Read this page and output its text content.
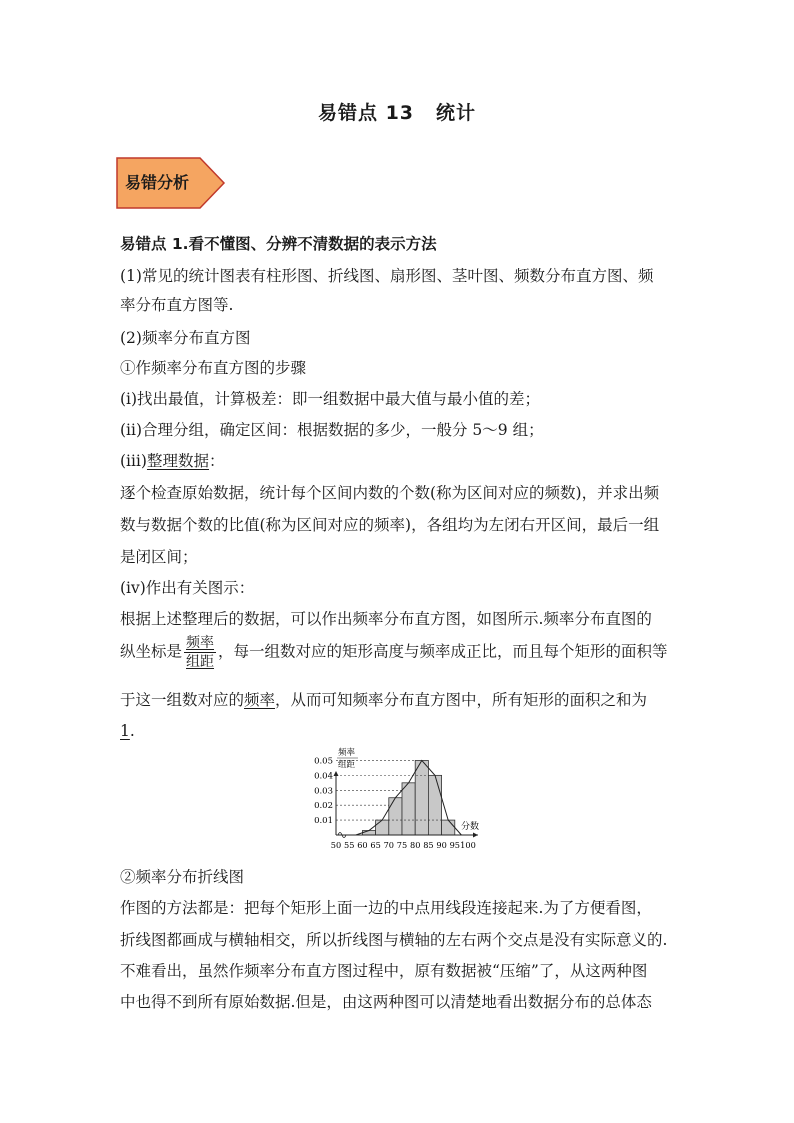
易错点 13 统计
易错分析
易错点 1.看不懂图、分辨不清数据的表示方法
(1)常见的统计图表有柱形图、折线图、扇形图、茎叶图、频数分布直方图、频
率分布直方图等.
(2)频率分布直方图
①作频率分布直方图的步骤
(ⅰ)找出最值，计算极差：即一组数据中最大值与最小值的差；
(ⅱ)合理分组，确定区间：根据数据的多少，一般分 5～9 组；
(ⅲ)整理数据：
逐个检查原始数据，统计每个区间内数的个数(称为区间对应的频数)，并求出频
数与数据个数的比值(称为区间对应的频率)，各组均为左闭右开区间，最后一组
是闭区间；
(ⅳ)作出有关图示：
根据上述整理后的数据，可以作出频率分布直方图，如图所示.频率分布直图的
纵坐标是 $\frac{\text{频率}}{\text{组距}}$ ，每一组数对应的矩形高度与频率成正比，而且每个矩形的面积等
于这一组数对应的频率，从而可知频率分布直方图中，所有矩形的面积之和为
1.
0.01
0.02
0.03
0.04
0.05
50 55 60 65 70 75 80 85 90 95 100
频率
组距
分数
②频率分布折线图
作图的方法都是：把每个矩形上面一边的中点用线段连接起来.为了方便看图，
折线图都画成与横轴相交，所以折线图与横轴的左右两个交点是没有实际意义的.
不难看出，虽然作频率分布直方图过程中，原有数据被“压缩”了，从这两种图
中也得不到所有原始数据.但是，由这两种图可以清楚地看出数据分布的总体态
